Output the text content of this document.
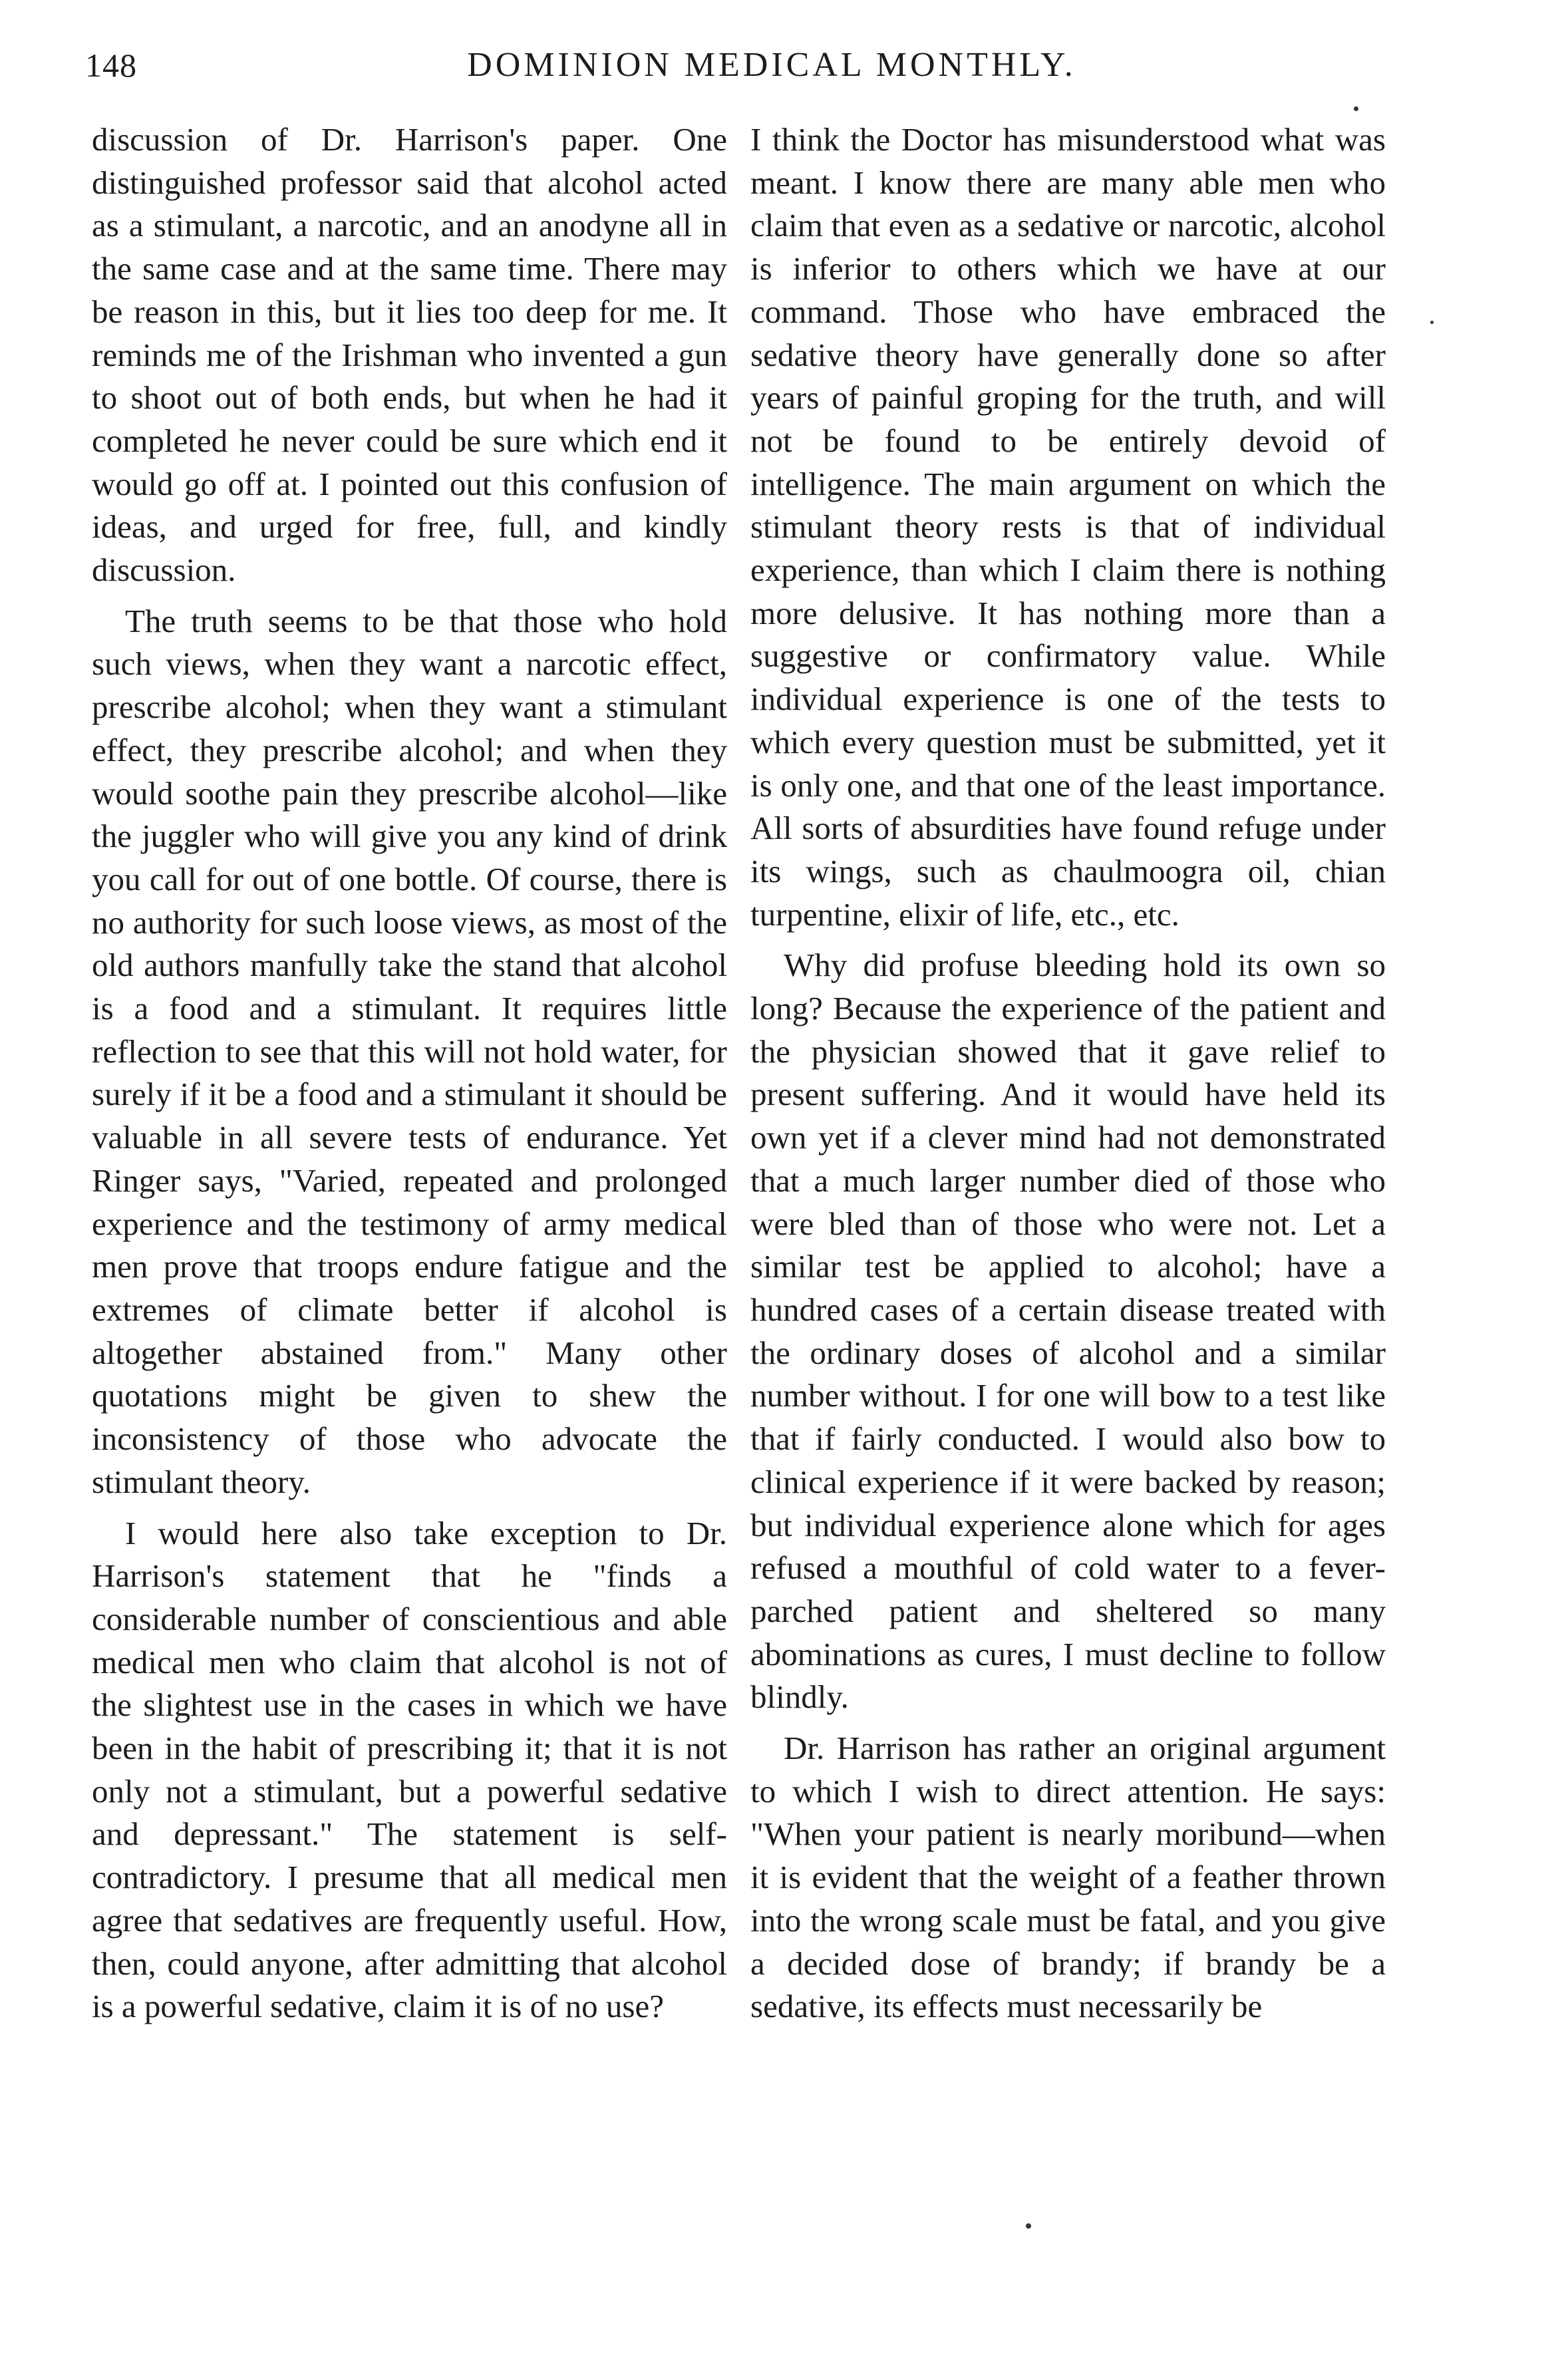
148	DOMINION MEDICAL MONTHLY.

discussion of Dr. Harrison's paper. One distinguished professor said that alcohol acted as a stimulant, a narcotic, and an anodyne all in the same case and at the same time. There may be reason in this, but it lies too deep for me. It reminds me of the Irishman who invented a gun to shoot out of both ends, but when he had it completed he never could be sure which end it would go off at. I pointed out this confusion of ideas, and urged for free, full, and kindly discussion.

The truth seems to be that those who hold such views, when they want a narcotic effect, prescribe alcohol; when they want a stimulant effect, they prescribe alcohol; and when they would soothe pain they prescribe alcohol—like the juggler who will give you any kind of drink you call for out of one bottle. Of course, there is no authority for such loose views, as most of the old authors manfully take the stand that alcohol is a food and a stimulant. It requires little reflection to see that this will not hold water, for surely if it be a food and a stimulant it should be valuable in all severe tests of endurance. Yet Ringer says, "Varied, repeated and prolonged experience and the testimony of army medical men prove that troops endure fatigue and the extremes of climate better if alcohol is altogether abstained from." Many other quotations might be given to shew the inconsistency of those who advocate the stimulant theory.

I would here also take exception to Dr. Harrison's statement that he "finds a considerable number of conscientious and able medical men who claim that alcohol is not of the slightest use in the cases in which we have been in the habit of prescribing it; that it is not only not a stimulant, but a powerful sedative and depressant." The statement is self-contradictory. I presume that all medical men agree that sedatives are frequently useful. How, then, could anyone, after admitting that alcohol is a powerful sedative, claim it is of no use?

I think the Doctor has misunderstood what was meant. I know there are many able men who claim that even as a sedative or narcotic, alcohol is inferior to others which we have at our command. Those who have embraced the sedative theory have generally done so after years of painful groping for the truth, and will not be found to be entirely devoid of intelligence. The main argument on which the stimulant theory rests is that of individual experience, than which I claim there is nothing more delusive. It has nothing more than a suggestive or confirmatory value. While individual experience is one of the tests to which every question must be submitted, yet it is only one, and that one of the least importance. All sorts of absurdities have found refuge under its wings, such as chaulmoogra oil, chian turpentine, elixir of life, etc., etc.

Why did profuse bleeding hold its own so long? Because the experience of the patient and the physician showed that it gave relief to present suffering. And it would have held its own yet if a clever mind had not demonstrated that a much larger number died of those who were bled than of those who were not. Let a similar test be applied to alcohol; have a hundred cases of a certain disease treated with the ordinary doses of alcohol and a similar number without. I for one will bow to a test like that if fairly conducted. I would also bow to clinical experience if it were backed by reason; but individual experience alone which for ages refused a mouthful of cold water to a fever-parched patient and sheltered so many abominations as cures, I must decline to follow blindly.

Dr. Harrison has rather an original argument to which I wish to direct attention. He says: "When your patient is nearly moribund—when it is evident that the weight of a feather thrown into the wrong scale must be fatal, and you give a decided dose of brandy; if brandy be a sedative, its effects must necessarily be
